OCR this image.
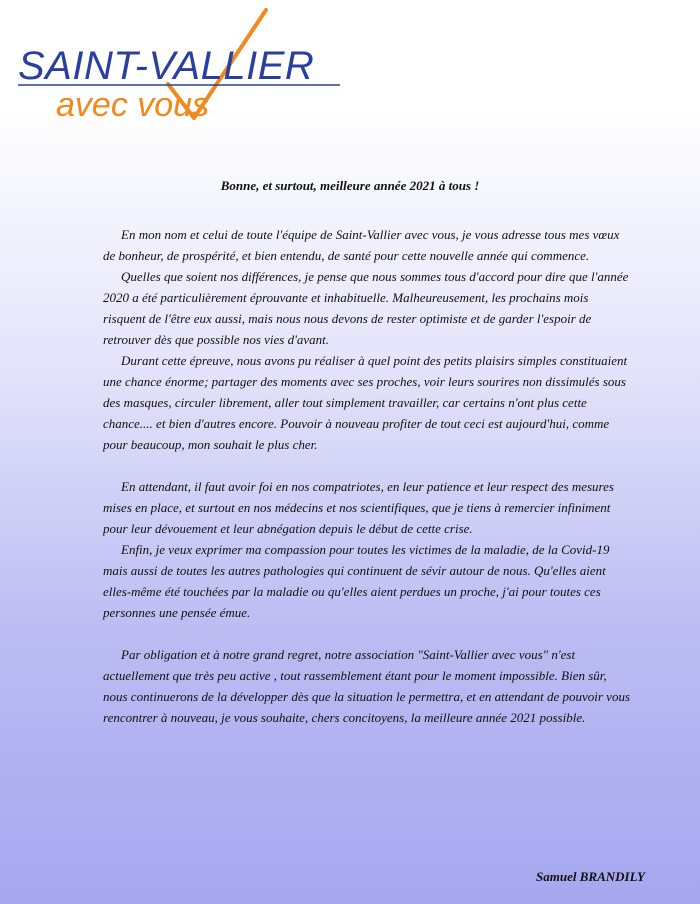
SAINT-VALLIER
avec vous
Bonne, et surtout, meilleure année 2021 à tous !

En mon nom et celui de toute l'équipe de Saint-Vallier avec vous, je vous adresse tous mes vœux de bonheur, de prospérité, et bien entendu, de santé pour cette nouvelle année qui commence.

Quelles que soient nos différences, je pense que nous sommes tous d'accord pour dire que l'année 2020 a été particulièrement éprouvante et inhabituelle. Malheureusement, les prochains mois risquent de l'être eux aussi, mais nous nous devons de rester optimiste et de garder l'espoir de retrouver dès que possible nos vies d'avant.

Durant cette épreuve, nous avons pu réaliser à quel point des petits plaisirs simples constituaient une chance énorme; partager des moments avec ses proches, voir leurs sourires non dissimulés sous des masques, circuler librement, aller tout simplement travailler, car certains n'ont plus cette chance.... et bien d'autres encore. Pouvoir à nouveau profiter de tout ceci est aujourd'hui, comme pour beaucoup, mon souhait le plus cher.

En attendant, il faut avoir foi en nos compatriotes, en leur patience et leur respect des mesures mises en place, et surtout en nos médecins et nos scientifiques, que je tiens à remercier infiniment pour leur dévouement et leur abnégation depuis le début de cette crise.

Enfin, je veux exprimer ma compassion pour toutes les victimes de la maladie, de la Covid-19 mais aussi de toutes les autres pathologies qui continuent de sévir autour de nous. Qu'elles aient elles-même été touchées par la maladie ou qu'elles aient perdues un proche, j'ai pour toutes ces personnes une pensée émue.

Par obligation et à notre grand regret, notre association "Saint-Vallier avec vous" n'est actuellement que très peu active , tout rassemblement étant pour le moment impossible. Bien sûr, nous continuerons de la développer dès que la situation le permettra, et en attendant de pouvoir vous rencontrer à nouveau, je vous souhaite, chers concitoyens, la meilleure année 2021 possible.

Samuel BRANDILY
